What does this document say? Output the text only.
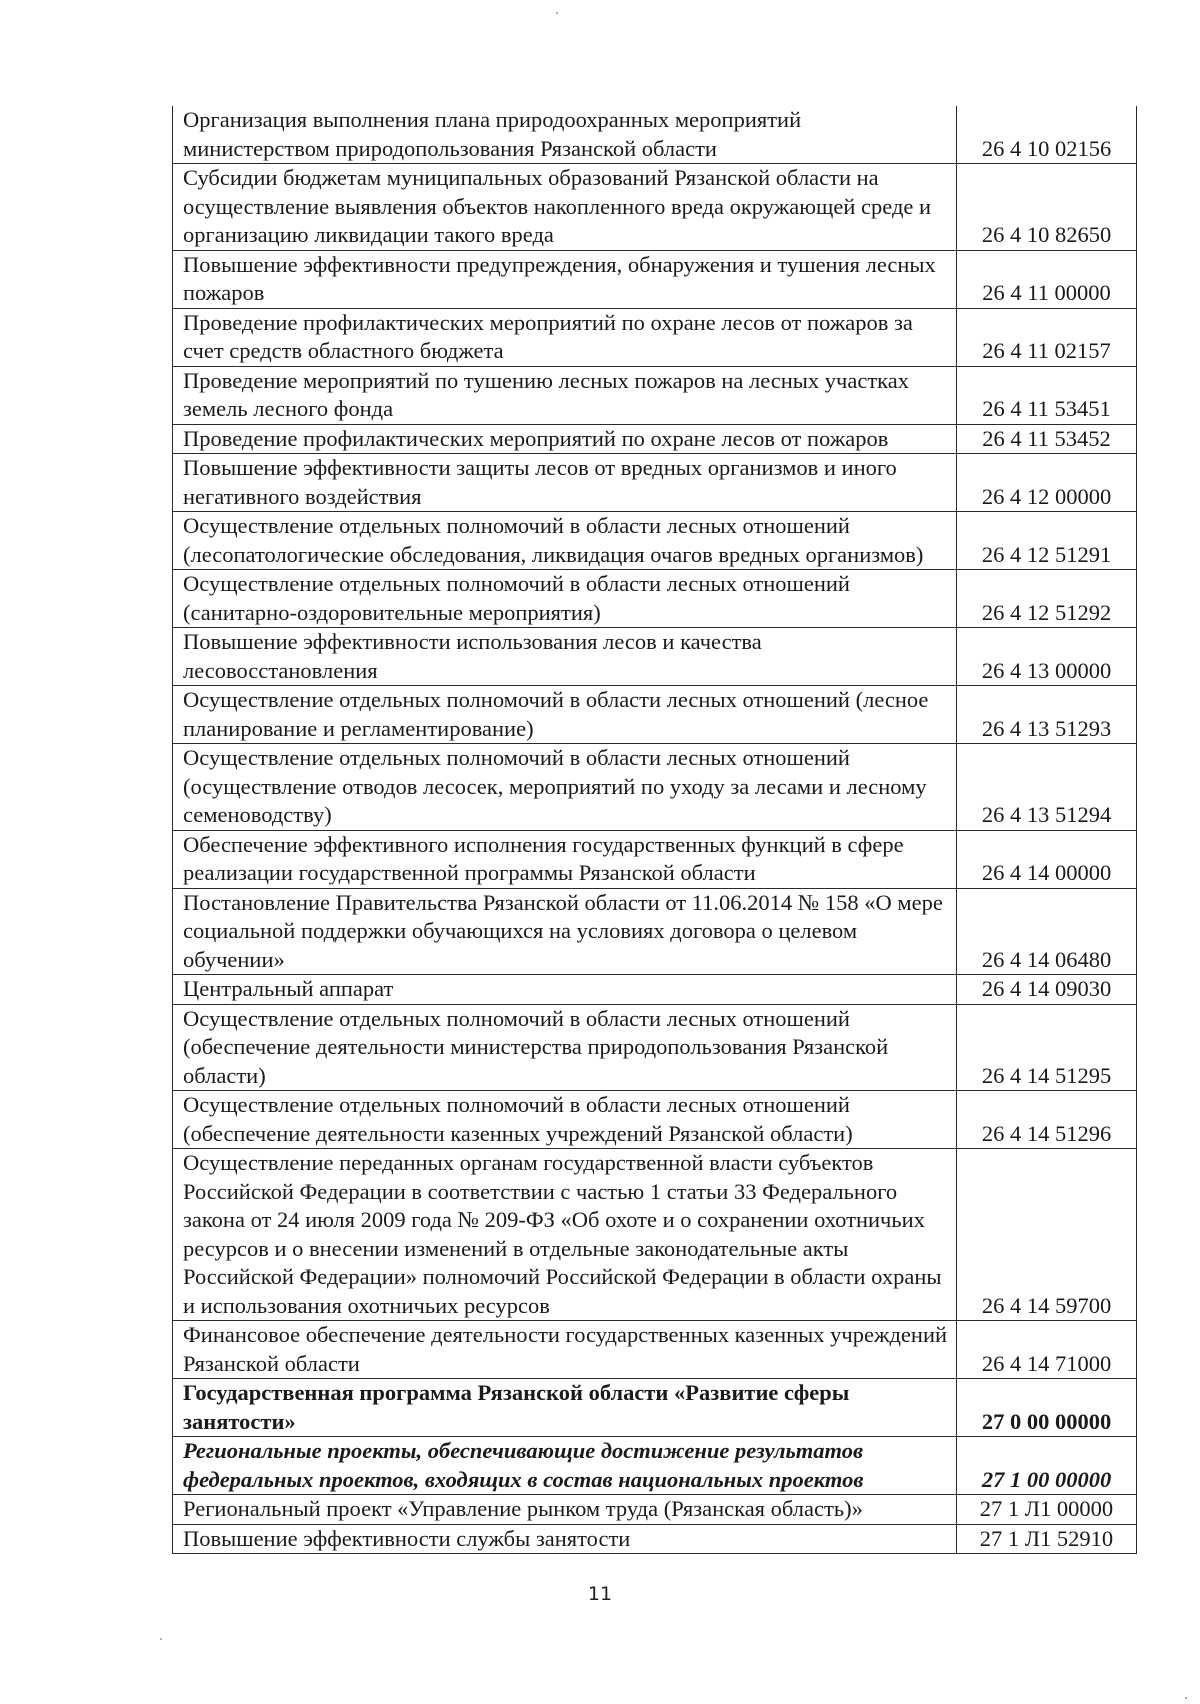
Организация выполнения плана природоохранных мероприятий министерством природопользования Рязанской области	26 4 10 02156
Субсидии бюджетам муниципальных образований Рязанской области на осуществление выявления объектов накопленного вреда окружающей среде и организацию ликвидации такого вреда	26 4 10 82650
Повышение эффективности предупреждения, обнаружения и тушения лесных пожаров	26 4 11 00000
Проведение профилактических мероприятий по охране лесов от пожаров за счет средств областного бюджета	26 4 11 02157
Проведение мероприятий по тушению лесных пожаров на лесных участках земель лесного фонда	26 4 11 53451
Проведение профилактических мероприятий по охране лесов от пожаров	26 4 11 53452
Повышение эффективности защиты лесов от вредных организмов и иного негативного воздействия	26 4 12 00000
Осуществление отдельных полномочий в области лесных отношений (лесопатологические обследования, ликвидация очагов вредных организмов)	26 4 12 51291
Осуществление отдельных полномочий в области лесных отношений (санитарно-оздоровительные мероприятия)	26 4 12 51292
Повышение эффективности использования лесов и качества лесовосстановления	26 4 13 00000
Осуществление отдельных полномочий в области лесных отношений (лесное планирование и регламентирование)	26 4 13 51293
Осуществление отдельных полномочий в области лесных отношений (осуществление отводов лесосек, мероприятий по уходу за лесами и лесному семеноводству)	26 4 13 51294
Обеспечение эффективного исполнения государственных функций в сфере реализации государственной программы Рязанской области	26 4 14 00000
Постановление Правительства Рязанской области от 11.06.2014 № 158 «О мере социальной поддержки обучающихся на условиях договора о целевом обучении»	26 4 14 06480
Центральный аппарат	26 4 14 09030
Осуществление отдельных полномочий в области лесных отношений (обеспечение деятельности министерства природопользования Рязанской области)	26 4 14 51295
Осуществление отдельных полномочий в области лесных отношений (обеспечение деятельности казенных учреждений Рязанской области)	26 4 14 51296
Осуществление переданных органам государственной власти субъектов Российской Федерации в соответствии с частью 1 статьи 33 Федерального закона от 24 июля 2009 года № 209-ФЗ «Об охоте и о сохранении охотничьих ресурсов и о внесении изменений в отдельные законодательные акты Российской Федерации» полномочий Российской Федерации в области охраны и использования охотничьих ресурсов	26 4 14 59700
Финансовое обеспечение деятельности государственных казенных учреждений Рязанской области	26 4 14 71000
Государственная программа Рязанской области «Развитие сферы занятости»	27 0 00 00000
Региональные проекты, обеспечивающие достижение результатов федеральных проектов, входящих в состав национальных проектов	27 1 00 00000
Региональный проект «Управление рынком труда (Рязанская область)»	27 1 Л1 00000
Повышение эффективности службы занятости	27 1 Л1 52910
11
